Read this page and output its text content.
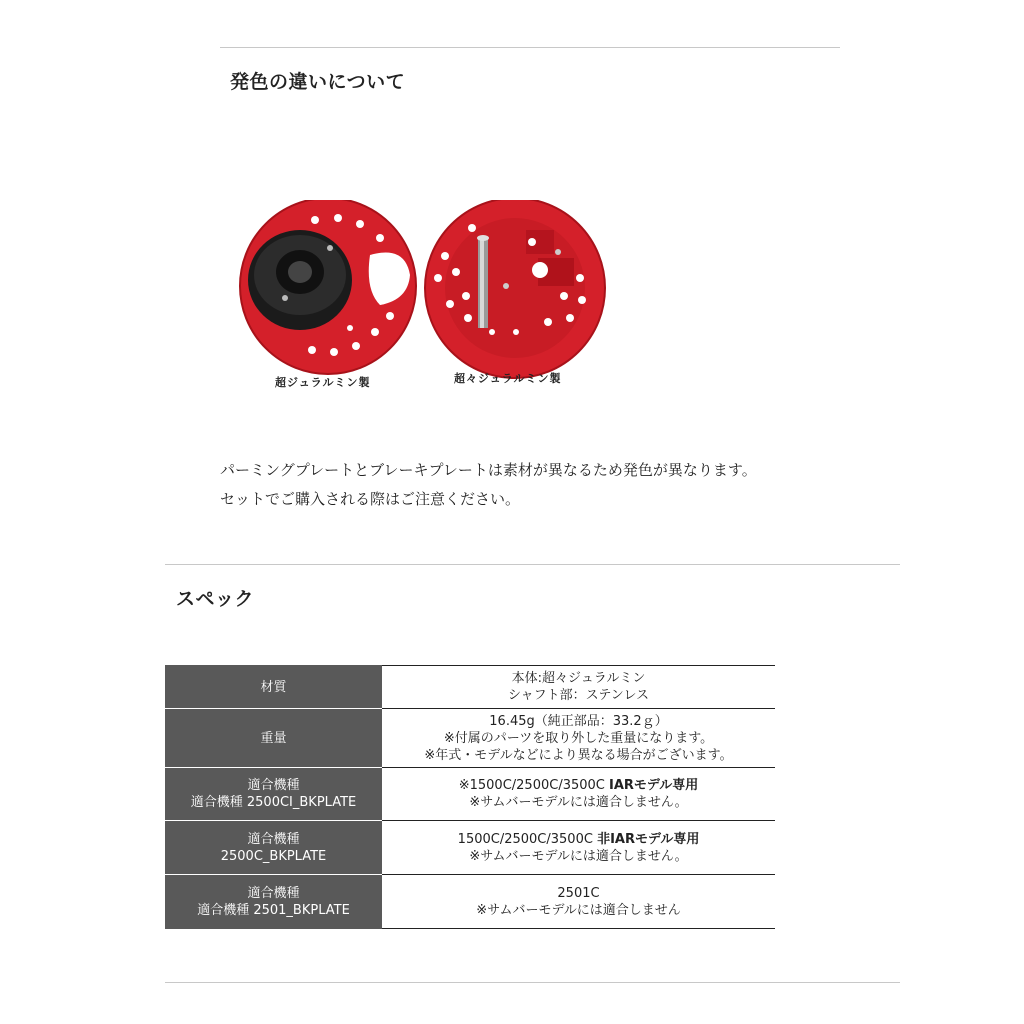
発色の違いについて
超ジュラルミン製	超々ジュラルミン製
パーミングプレートとブレーキプレートは素材が異なるため発色が異なります。
セットでご購入される際はご注意ください。
スペック
材質	本体:超々ジュラルミン
シャフト部：ステンレス

重量	16.45g（純正部品：33.2ｇ）
※付属のパーツを取り外した重量になります。
※年式・モデルなどにより異なる場合がございます。

適合機種
適合機種 2500CI_BKPLATE	※1500C/2500C/3500C IARモデル専用
※サムバーモデルには適合しません。

適合機種
2500C_BKPLATE	1500C/2500C/3500C 非IARモデル専用
※サムバーモデルには適合しません。

適合機種
適合機種 2501_BKPLATE	2501C
※サムバーモデルには適合しません
